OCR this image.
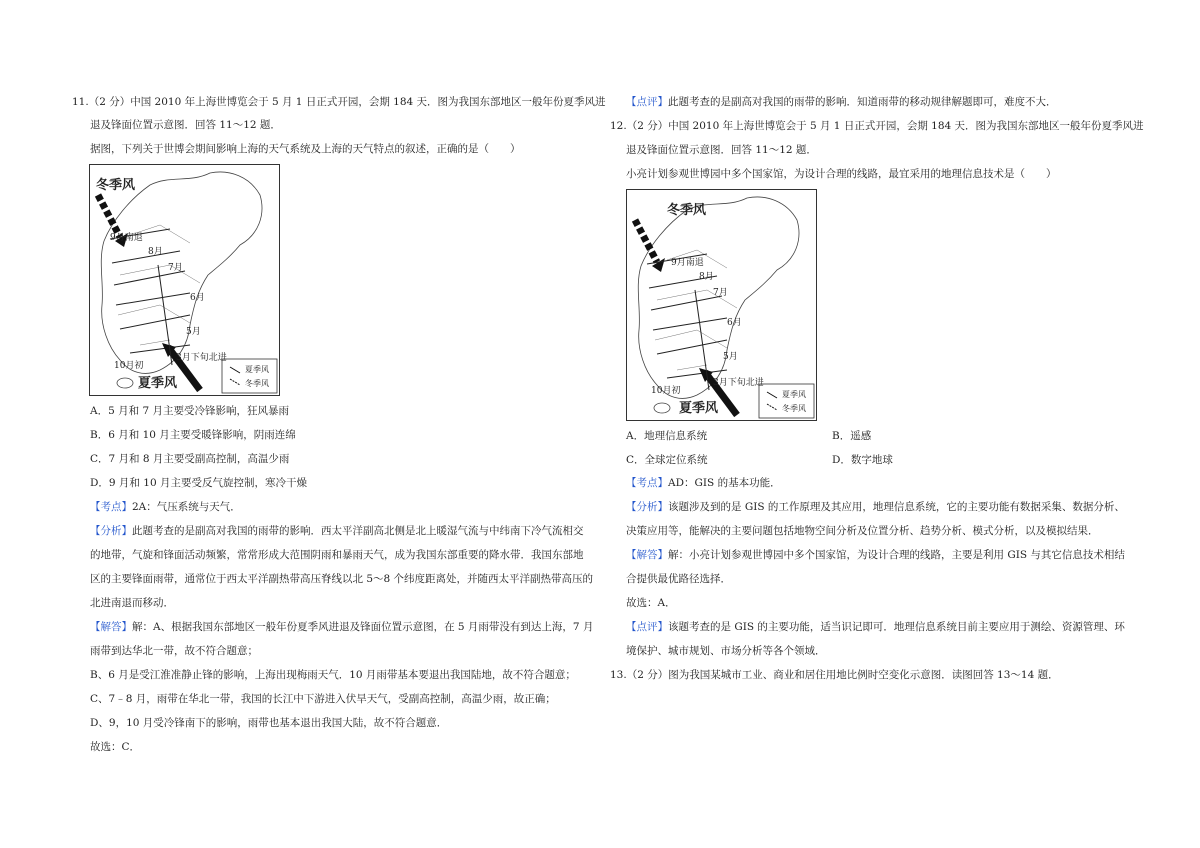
11.（2 分）中国 2010 年上海世博览会于 5 月 1 日正式开园，会期 184 天．图为我国东部地区一般年份夏季风进
退及锋面位置示意图．回答 11～12 题．
据图，下列关于世博会期间影响上海的天气系统及上海的天气特点的叙述，正确的是（　　）
冬季风
9月南退
8月
7月
6月
5月
3月下旬北进
10月初
夏季风
夏季风
冬季风
A．5 月和 7 月主要受冷锋影响，狂风暴雨
B．6 月和 10 月主要受暖锋影响，阴雨连绵
C．7 月和 8 月主要受副高控制，高温少雨
D．9 月和 10 月主要受反气旋控制，寒冷干燥
【考点】2A：气压系统与天气．
【分析】此题考查的是副高对我国的雨带的影响．西太平洋副高北侧是北上暖湿气流与中纬南下冷气流相交
的地带，气旋和锋面活动频繁，常常形成大范围阴雨和暴雨天气，成为我国东部重要的降水带．我国东部地
区的主要锋面雨带，通常位于西太平洋副热带高压脊线以北 5～8 个纬度距离处，并随西太平洋副热带高压的
北进南退而移动．
【解答】解：A、根据我国东部地区一般年份夏季风进退及锋面位置示意图，在 5 月雨带没有到达上海，7 月
雨带到达华北一带，故不符合题意；
B、6 月是受江淮准静止锋的影响，上海出现梅雨天气．10 月雨带基本要退出我国陆地，故不符合题意；
C、7﹣8 月，雨带在华北一带，我国的长江中下游进入伏旱天气，受副高控制，高温少雨，故正确；
D、9，10 月受冷锋南下的影响，雨带也基本退出我国大陆，故不符合题意．
故选：C．
【点评】此题考查的是副高对我国的雨带的影响．知道雨带的移动规律解题即可，难度不大．
12.（2 分）中国 2010 年上海世博览会于 5 月 1 日正式开园，会期 184 天．图为我国东部地区一般年份夏季风进
退及锋面位置示意图．回答 11～12 题．
小亮计划参观世博园中多个国家馆，为设计合理的线路，最宜采用的地理信息技术是（　　）
冬季风
9月南退
8月
7月
6月
5月
3月下旬北进
10月初
夏季风
夏季风
冬季风
A．地理信息系统	B．遥感
C．全球定位系统	D．数字地球
【考点】AD：GIS 的基本功能．
【分析】该题涉及到的是 GIS 的工作原理及其应用，地理信息系统，它的主要功能有数据采集、数据分析、
决策应用等，能解决的主要问题包括地物空间分析及位置分析、趋势分析、模式分析，以及模拟结果．
【解答】解：小亮计划参观世博园中多个国家馆，为设计合理的线路，主要是利用 GIS 与其它信息技术相结
合提供最优路径选择．
故选：A．
【点评】该题考查的是 GIS 的主要功能，适当识记即可．地理信息系统目前主要应用于测绘、资源管理、环
境保护、城市规划、市场分析等各个领域．
13.（2 分）图为我国某城市工业、商业和居住用地比例时空变化示意图．读图回答 13～14 题．
